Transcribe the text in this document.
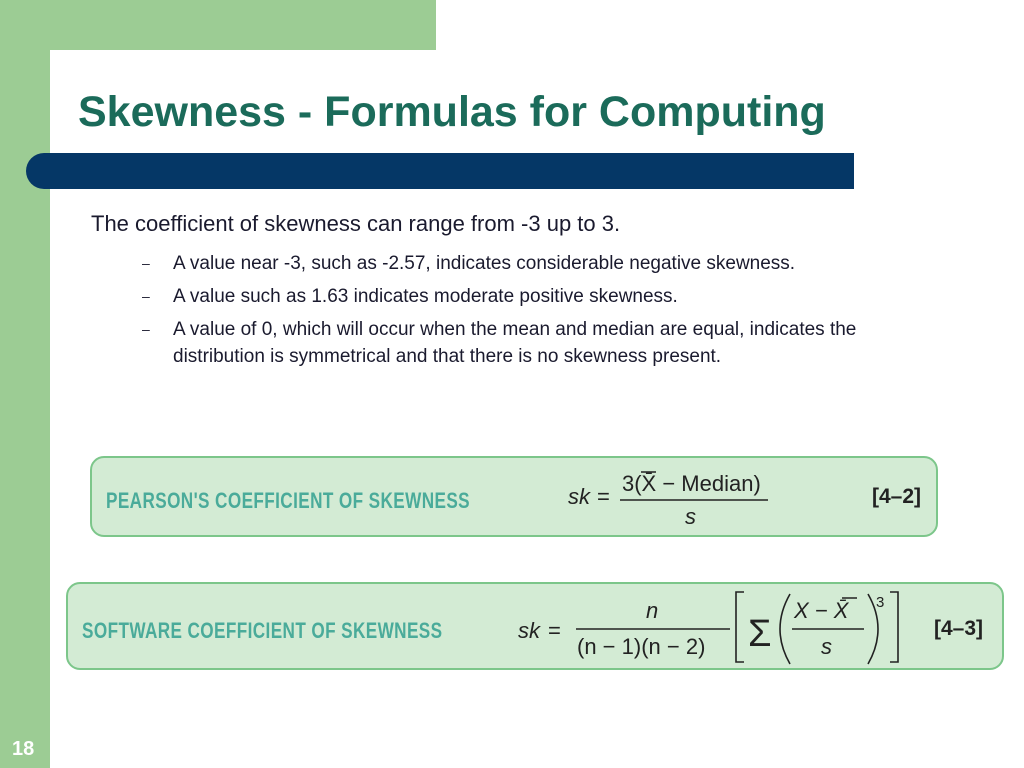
Skewness - Formulas for Computing
The coefficient of skewness can range from -3 up to 3.
– A value near -3, such as -2.57, indicates considerable negative skewness.
– A value such as 1.63 indicates moderate positive skewness.
– A value of 0, which will occur when the mean and median are equal, indicates the distribution is symmetrical and that there is no skewness present.
PEARSON'S COEFFICIENT OF SKEWNESS	sk =
3(X̄ − Median)
s
[4–2]
SOFTWARE COEFFICIENT OF SKEWNESS	sk =
n
(n − 1)(n − 2) Σ
X − X̄
s
3
[4–3]
18
